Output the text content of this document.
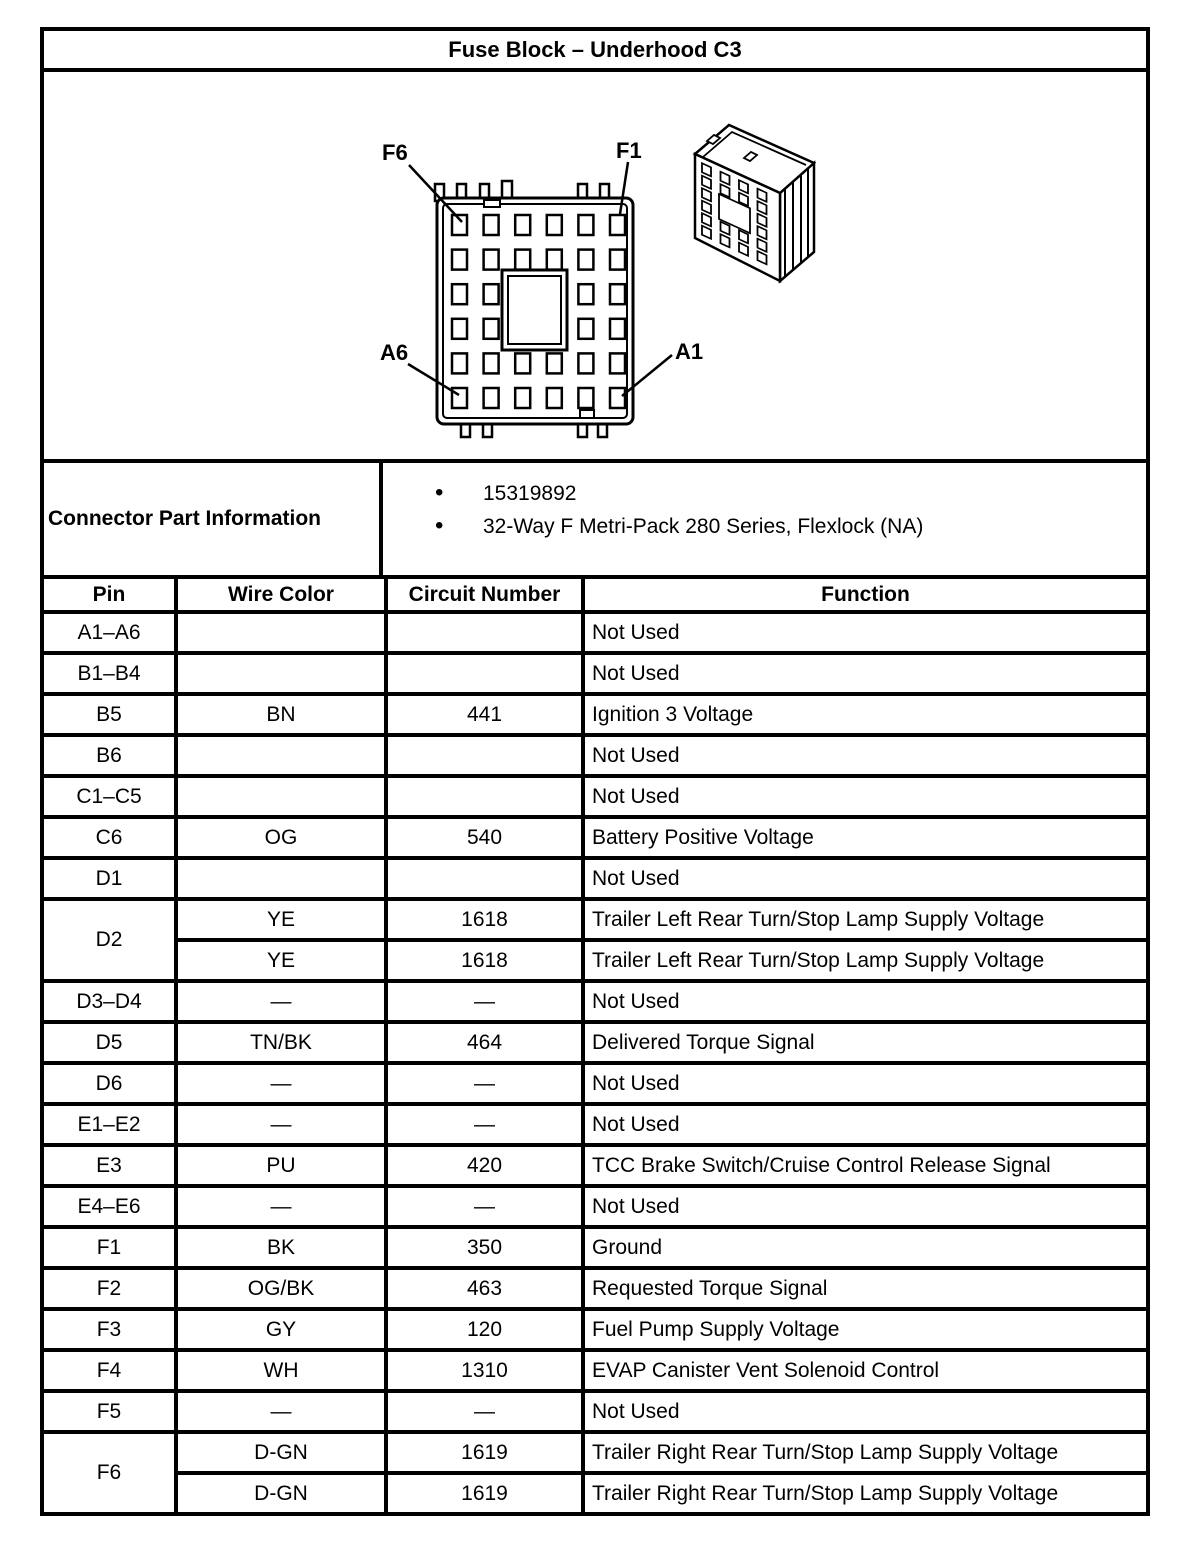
Fuse Block – Underhood C3
F6	F1
A6	A1
Connector Part Information
• 15319892
• 32-Way F Metri-Pack 280 Series, Flexlock (NA)
Pin	Wire Color	Circuit Number	Function
A1–A6			Not Used
B1–B4			Not Used
B5	BN	441	Ignition 3 Voltage
B6			Not Used
C1–C5			Not Used
C6	OG	540	Battery Positive Voltage
D1			Not Used
D2	YE	1618	Trailer Left Rear Turn/Stop Lamp Supply Voltage
	YE	1618	Trailer Left Rear Turn/Stop Lamp Supply Voltage
D3–D4	—	—	Not Used
D5	TN/BK	464	Delivered Torque Signal
D6	—	—	Not Used
E1–E2	—	—	Not Used
E3	PU	420	TCC Brake Switch/Cruise Control Release Signal
E4–E6	—	—	Not Used
F1	BK	350	Ground
F2	OG/BK	463	Requested Torque Signal
F3	GY	120	Fuel Pump Supply Voltage
F4	WH	1310	EVAP Canister Vent Solenoid Control
F5	—	—	Not Used
F6	D-GN	1619	Trailer Right Rear Turn/Stop Lamp Supply Voltage
	D-GN	1619	Trailer Right Rear Turn/Stop Lamp Supply Voltage
